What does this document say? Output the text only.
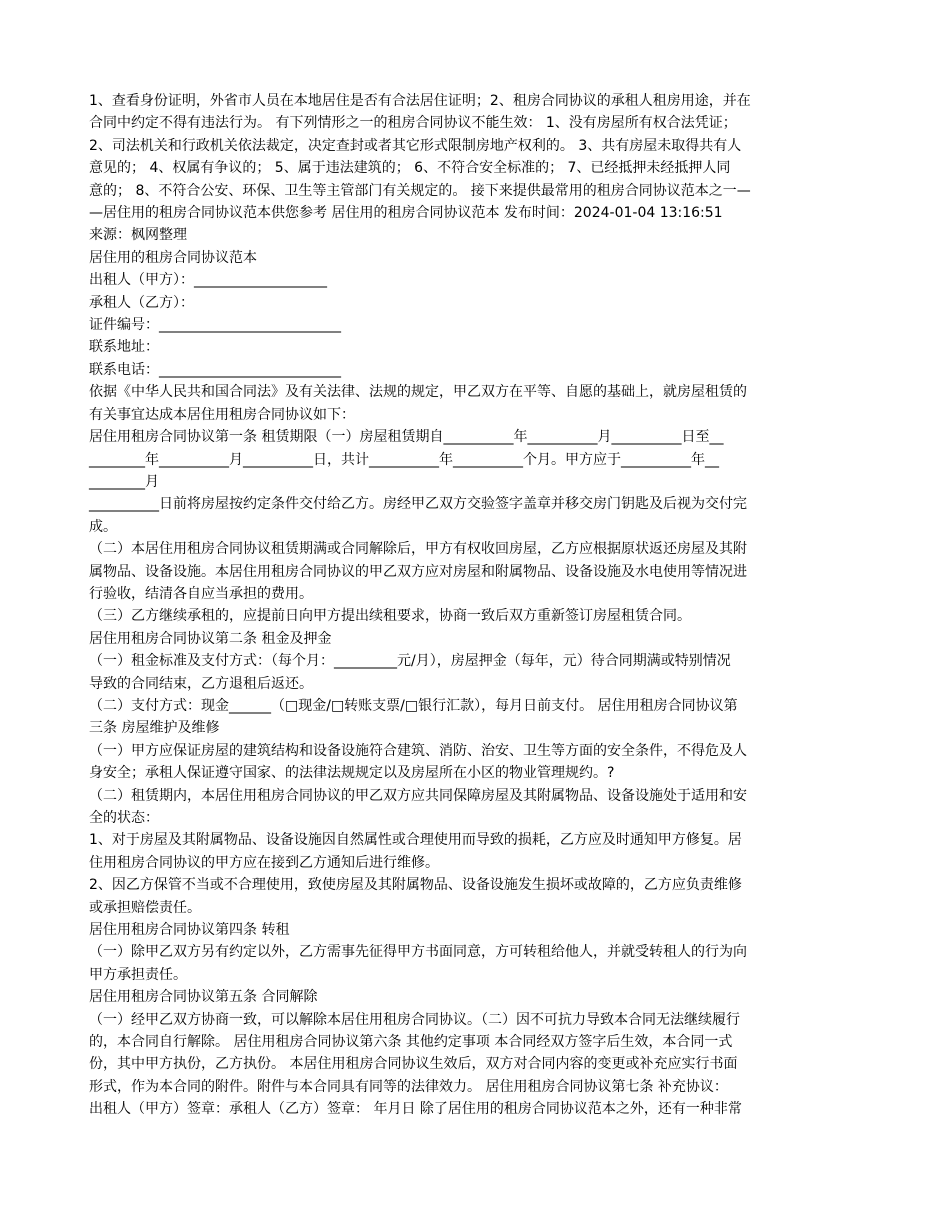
1、查看身份证明，外省市人员在本地居住是否有合法居住证明；2、租房合同协议的承租人租房用途，并在
合同中约定不得有违法行为。 有下列情形之一的租房合同协议不能生效： 1、没有房屋所有权合法凭证；
2、司法机关和行政机关依法裁定，决定查封或者其它形式限制房地产权利的。 3、共有房屋未取得共有人
意见的； 4、权属有争议的； 5、属于违法建筑的； 6、不符合安全标准的； 7、已经抵押未经抵押人同
意的； 8、不符合公安、环保、卫生等主管部门有关规定的。 接下来提供最常用的租房合同协议范本之一—
—居住用的租房合同协议范本供您参考 居住用的租房合同协议范本 发布时间：2024-01-04 13:16:51
来源：枫网整理
居住用的租房合同协议范本
出租人（甲方）：___________________
承租人（乙方）：
证件编号：__________________________
联系地址：
联系电话：__________________________
依据《中华人民共和国合同法》及有关法律、法规的规定，甲乙双方在平等、自愿的基础上，就房屋租赁的
有关事宜达成本居住用租房合同协议如下：
居住用租房合同协议第一条 租赁期限（一）房屋租赁期自__________年__________月__________日至__
________年__________月__________日，共计__________年__________个月。甲方应于__________年__
________月
__________日前将房屋按约定条件交付给乙方。房经甲乙双方交验签字盖章并移交房门钥匙及后视为交付完
成。
（二）本居住用租房合同协议租赁期满或合同解除后，甲方有权收回房屋，乙方应根据原状返还房屋及其附
属物品、设备设施。本居住用租房合同协议的甲乙双方应对房屋和附属物品、设备设施及水电使用等情况进
行验收，结清各自应当承担的费用。
（三）乙方继续承租的，应提前日向甲方提出续租要求，协商一致后双方重新签订房屋租赁合同。
居住用租房合同协议第二条 租金及押金
（一）租金标准及支付方式：（每个月：_________元/月），房屋押金（每年，元）待合同期满或特别情况
导致的合同结束，乙方退租后返还。
（二）支付方式：现金______（□现金/□转账支票/□银行汇款），每月日前支付。 居住用租房合同协议第
三条 房屋维护及维修
（一）甲方应保证房屋的建筑结构和设备设施符合建筑、消防、治安、卫生等方面的安全条件，不得危及人
身安全；承租人保证遵守国家、的法律法规规定以及房屋所在小区的物业管理规约。?
（二）租赁期内，本居住用租房合同协议的甲乙双方应共同保障房屋及其附属物品、设备设施处于适用和安
全的状态：
1、对于房屋及其附属物品、设备设施因自然属性或合理使用而导致的损耗，乙方应及时通知甲方修复。居
住用租房合同协议的甲方应在接到乙方通知后进行维修。
2、因乙方保管不当或不合理使用，致使房屋及其附属物品、设备设施发生损坏或故障的，乙方应负责维修
或承担赔偿责任。
居住用租房合同协议第四条 转租
（一）除甲乙双方另有约定以外，乙方需事先征得甲方书面同意，方可转租给他人，并就受转租人的行为向
甲方承担责任。
居住用租房合同协议第五条 合同解除
（一）经甲乙双方协商一致，可以解除本居住用租房合同协议。（二）因不可抗力导致本合同无法继续履行
的，本合同自行解除。 居住用租房合同协议第六条 其他约定事项 本合同经双方签字后生效，本合同一式
份，其中甲方执份，乙方执份。 本居住用租房合同协议生效后，双方对合同内容的变更或补充应实行书面
形式，作为本合同的附件。附件与本合同具有同等的法律效力。 居住用租房合同协议第七条 补充协议：
出租人（甲方）签章：承租人（乙方）签章： 年月日 除了居住用的租房合同协议范本之外，还有一种非常
